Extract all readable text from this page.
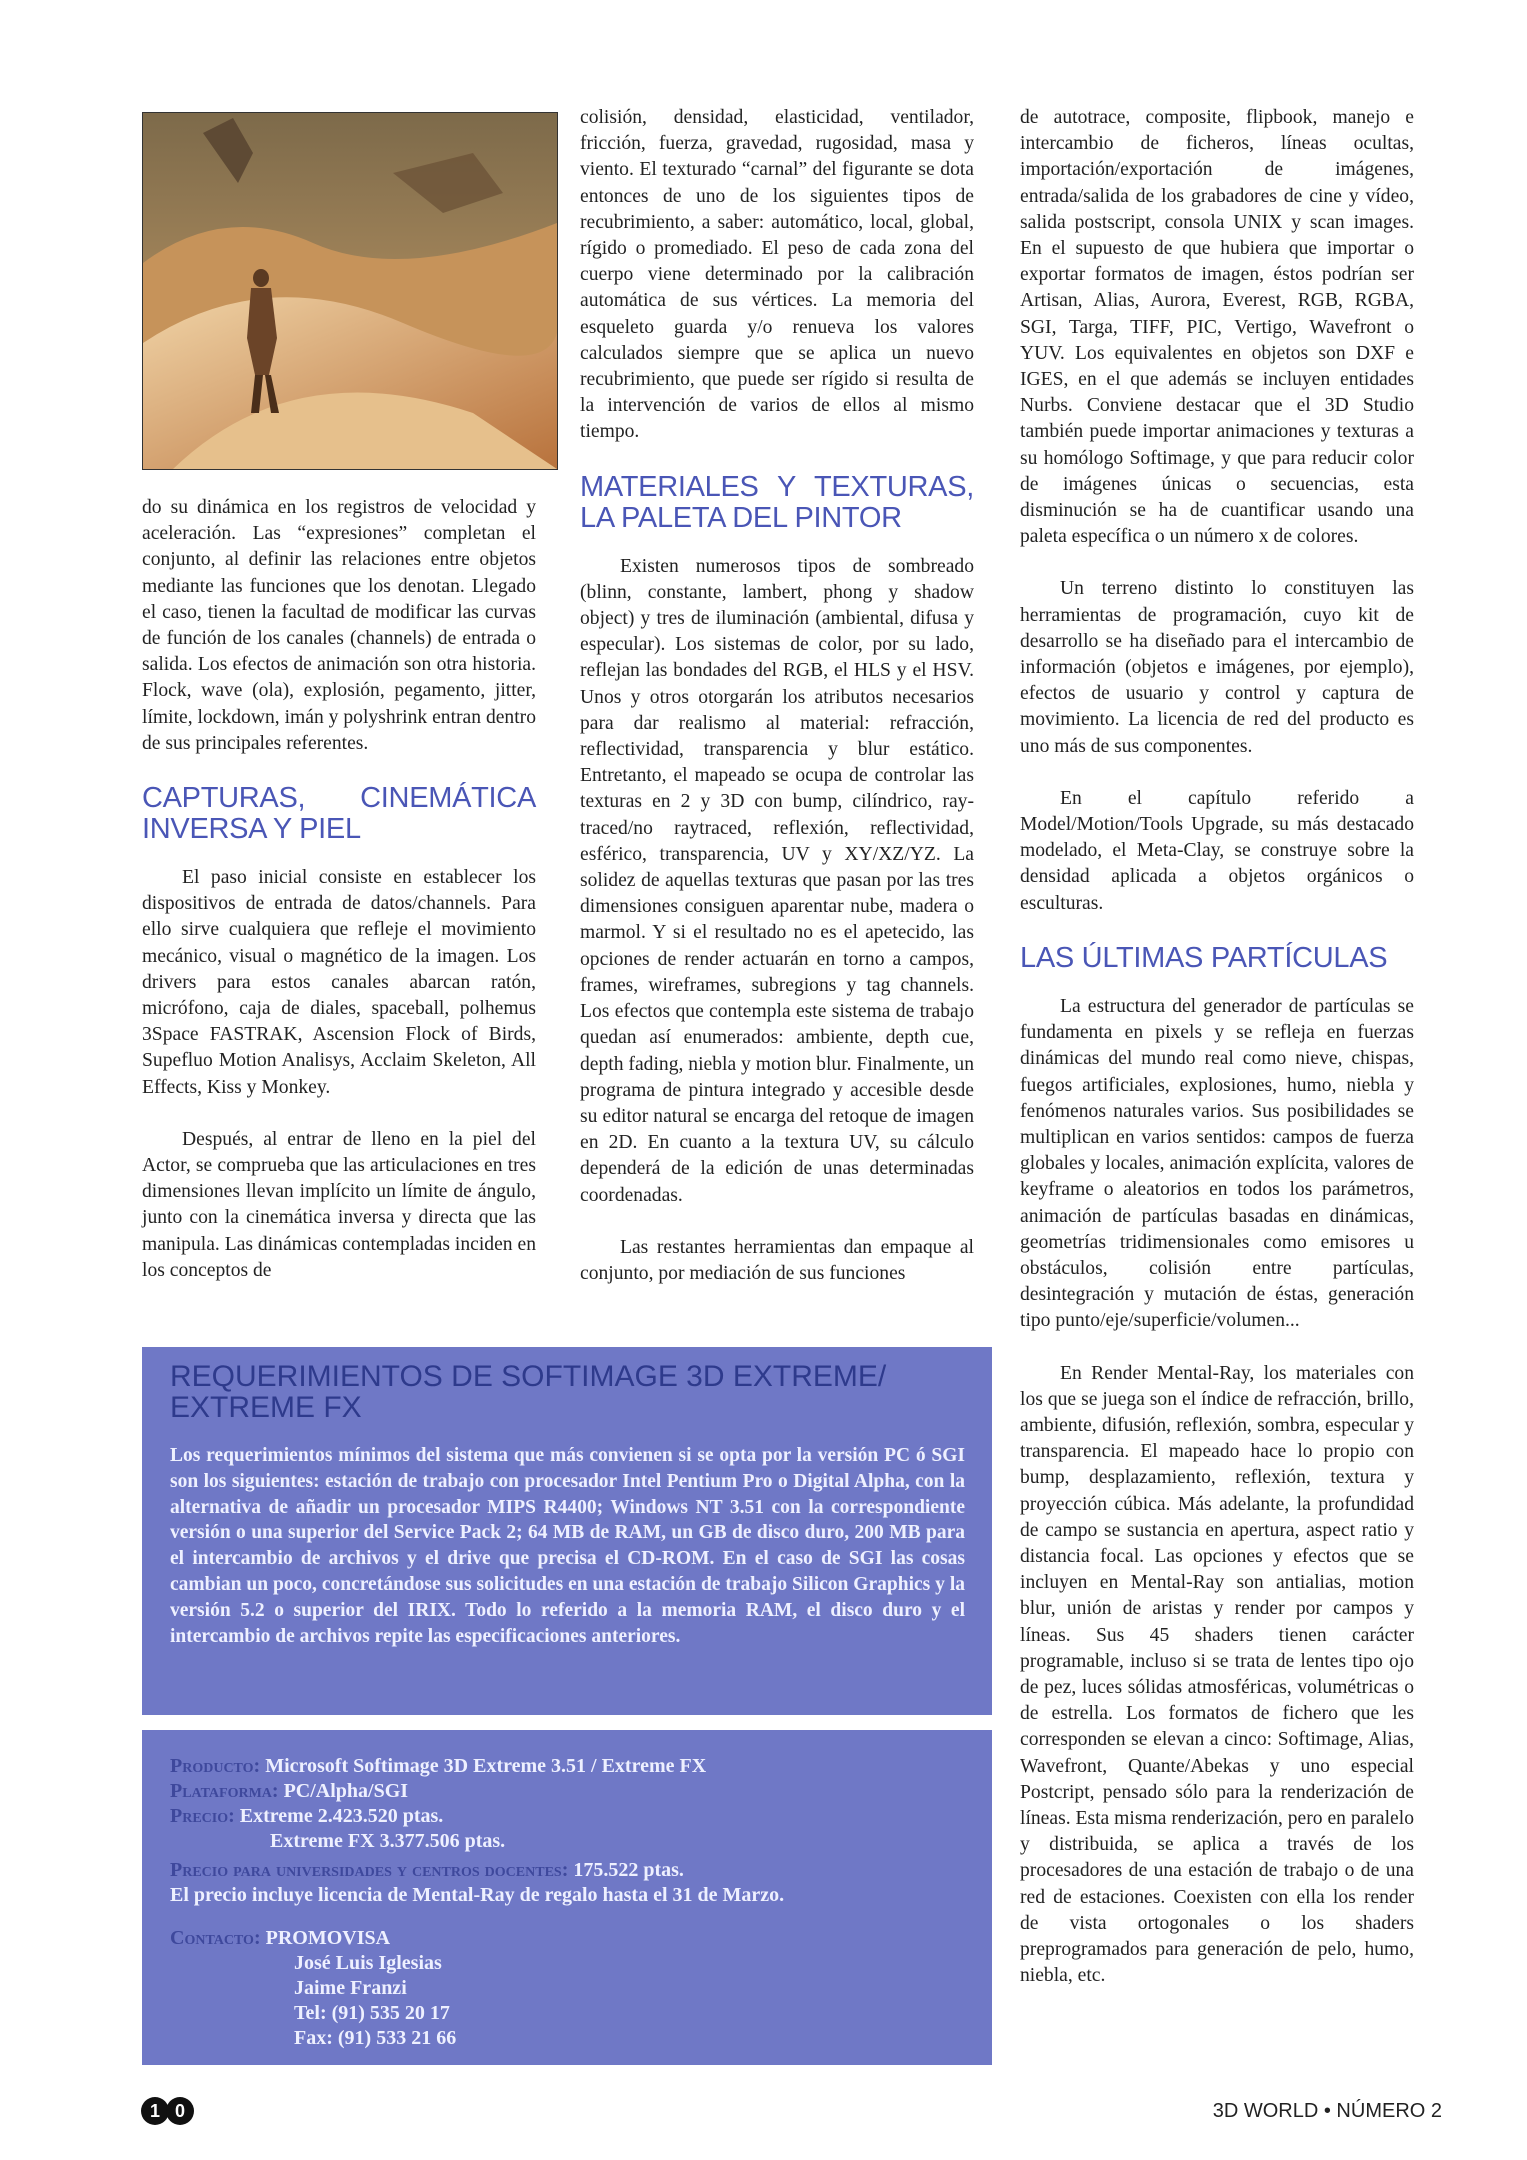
do su dinámica en los registros de velocidad y aceleración. Las “expresiones” completan el conjunto, al definir las relaciones entre objetos mediante las funciones que los denotan. Llegado el caso, tienen la facultad de modificar las curvas de función de los canales (channels) de entrada o salida. Los efectos de animación son otra historia. Flock, wave (ola), explosión, pegamento, jitter, límite, lockdown, imán y polyshrink entran dentro de sus principales referentes.

CAPTURAS, CINEMÁTICA INVERSA Y PIEL

El paso inicial consiste en establecer los dispositivos de entrada de datos/channels. Para ello sirve cualquiera que refleje el movimiento mecánico, visual o magnético de la imagen. Los drivers para estos canales abarcan ratón, micrófono, caja de diales, spaceball, polhemus 3Space FASTRAK, Ascension Flock of Birds, Supefluo Motion Analisys, Acclaim Skeleton, All Effects, Kiss y Monkey.

Después, al entrar de lleno en la piel del Actor, se comprueba que las articulaciones en tres dimensiones llevan implícito un límite de ángulo, junto con la cinemática inversa y directa que las manipula. Las dinámicas contempladas inciden en los conceptos de

colisión, densidad, elasticidad, ventilador, fricción, fuerza, gravedad, rugosidad, masa y viento. El texturado “carnal” del figurante se dota entonces de uno de los siguientes tipos de recubrimiento, a saber: automático, local, global, rígido o promediado. El peso de cada zona del cuerpo viene determinado por la calibración automática de sus vértices. La memoria del esqueleto guarda y/o renueva los valores calculados siempre que se aplica un nuevo recubrimiento, que puede ser rígido si resulta de la intervención de varios de ellos al mismo tiempo.

MATERIALES Y TEXTURAS, LA PALETA DEL PINTOR

Existen numerosos tipos de sombreado (blinn, constante, lambert, phong y shadow object) y tres de iluminación (ambiental, difusa y especular). Los sistemas de color, por su lado, reflejan las bondades del RGB, el HLS y el HSV. Unos y otros otorgarán los atributos necesarios para dar realismo al material: refracción, reflectividad, transparencia y blur estático. Entretanto, el mapeado se ocupa de controlar las texturas en 2 y 3D con bump, cilíndrico, ray-traced/no raytraced, reflexión, reflectividad, esférico, transparencia, UV y XY/XZ/YZ. La solidez de aquellas texturas que pasan por las tres dimensiones consiguen aparentar nube, madera o marmol. Y si el resultado no es el apetecido, las opciones de render actuarán en torno a campos, frames, wireframes, subregions y tag channels. Los efectos que contempla este sistema de trabajo quedan así enumerados: ambiente, depth cue, depth fading, niebla y motion blur. Finalmente, un programa de pintura integrado y accesible desde su editor natural se encarga del retoque de imagen en 2D. En cuanto a la textura UV, su cálculo dependerá de la edición de unas determinadas coordenadas.

Las restantes herramientas dan empaque al conjunto, por mediación de sus funciones

de autotrace, composite, flipbook, manejo e intercambio de ficheros, líneas ocultas, importación/exportación de imágenes, entrada/salida de los grabadores de cine y vídeo, salida postscript, consola UNIX y scan images. En el supuesto de que hubiera que importar o exportar formatos de imagen, éstos podrían ser Artisan, Alias, Aurora, Everest, RGB, RGBA, SGI, Targa, TIFF, PIC, Vertigo, Wavefront o YUV. Los equivalentes en objetos son DXF e IGES, en el que además se incluyen entidades Nurbs. Conviene destacar que el 3D Studio también puede importar animaciones y texturas a su homólogo Softimage, y que para reducir color de imágenes únicas o secuencias, esta disminución se ha de cuantificar usando una paleta específica o un número x de colores.

Un terreno distinto lo constituyen las herramientas de programación, cuyo kit de desarrollo se ha diseñado para el intercambio de información (objetos e imágenes, por ejemplo), efectos de usuario y control y captura de movimiento. La licencia de red del producto es uno más de sus componentes.

En el capítulo referido a Model/Motion/Tools Upgrade, su más destacado modelado, el Meta-Clay, se construye sobre la densidad aplicada a objetos orgánicos o esculturas.

LAS ÚLTIMAS PARTÍCULAS

La estructura del generador de partículas se fundamenta en pixels y se refleja en fuerzas dinámicas del mundo real como nieve, chispas, fuegos artificiales, explosiones, humo, niebla y fenómenos naturales varios. Sus posibilidades se multiplican en varios sentidos: campos de fuerza globales y locales, animación explícita, valores de keyframe o aleatorios en todos los parámetros, animación de partículas basadas en dinámicas, geometrías tridimensionales como emisores u obstáculos, colisión entre partículas, desintegración y mutación de éstas, generación tipo punto/eje/superficie/volumen...

En Render Mental-Ray, los materiales con los que se juega son el índice de refracción, brillo, ambiente, difusión, reflexión, sombra, especular y transparencia. El mapeado hace lo propio con bump, desplazamiento, reflexión, textura y proyección cúbica. Más adelante, la profundidad de campo se sustancia en apertura, aspect ratio y distancia focal. Las opciones y efectos que se incluyen en Mental-Ray son antialias, motion blur, unión de aristas y render por campos y líneas. Sus 45 shaders tienen carácter programable, incluso si se trata de lentes tipo ojo de pez, luces sólidas atmosféricas, volumétricas o de estrella. Los formatos de fichero que les corresponden se elevan a cinco: Softimage, Alias, Wavefront, Quante/Abekas y uno especial Postcript, pensado sólo para la renderización de líneas. Esta misma renderización, pero en paralelo y distribuida, se aplica a través de los procesadores de una estación de trabajo o de una red de estaciones. Coexisten con ella los render de vista ortogonales o los shaders preprogramados para generación de pelo, humo, niebla, etc.

REQUERIMIENTOS DE SOFTIMAGE 3D EXTREME/ EXTREME FX
Los requerimientos mínimos del sistema que más convienen si se opta por la versión PC ó SGI son los siguientes: estación de trabajo con procesador Intel Pentium Pro o Digital Alpha, con la alternativa de añadir un procesador MIPS R4400; Windows NT 3.51 con la correspondiente versión o una superior del Service Pack 2; 64 MB de RAM, un GB de disco duro, 200 MB para el intercambio de archivos y el drive que precisa el CD-ROM. En el caso de SGI las cosas cambian un poco, concretándose sus solicitudes en una estación de trabajo Silicon Graphics y la versión 5.2 o superior del IRIX. Todo lo referido a la memoria RAM, el disco duro y el intercambio de archivos repite las especificaciones anteriores.
Producto: Microsoft Softimage 3D Extreme 3.51 / Extreme FX
Plataforma: PC/Alpha/SGI
Precio: Extreme 2.423.520 ptas.
Extreme FX 3.377.506 ptas.
Precio para universidades y centros docentes: 175.522 ptas.
El precio incluye licencia de Mental-Ray de regalo hasta el 31 de Marzo.
Contacto: PROMOVISA
José Luis Iglesias
Jaime Franzi
Tel: (91) 535 20 17
Fax: (91) 533 21 66
1 0	3D WORLD • NÚMERO 2
